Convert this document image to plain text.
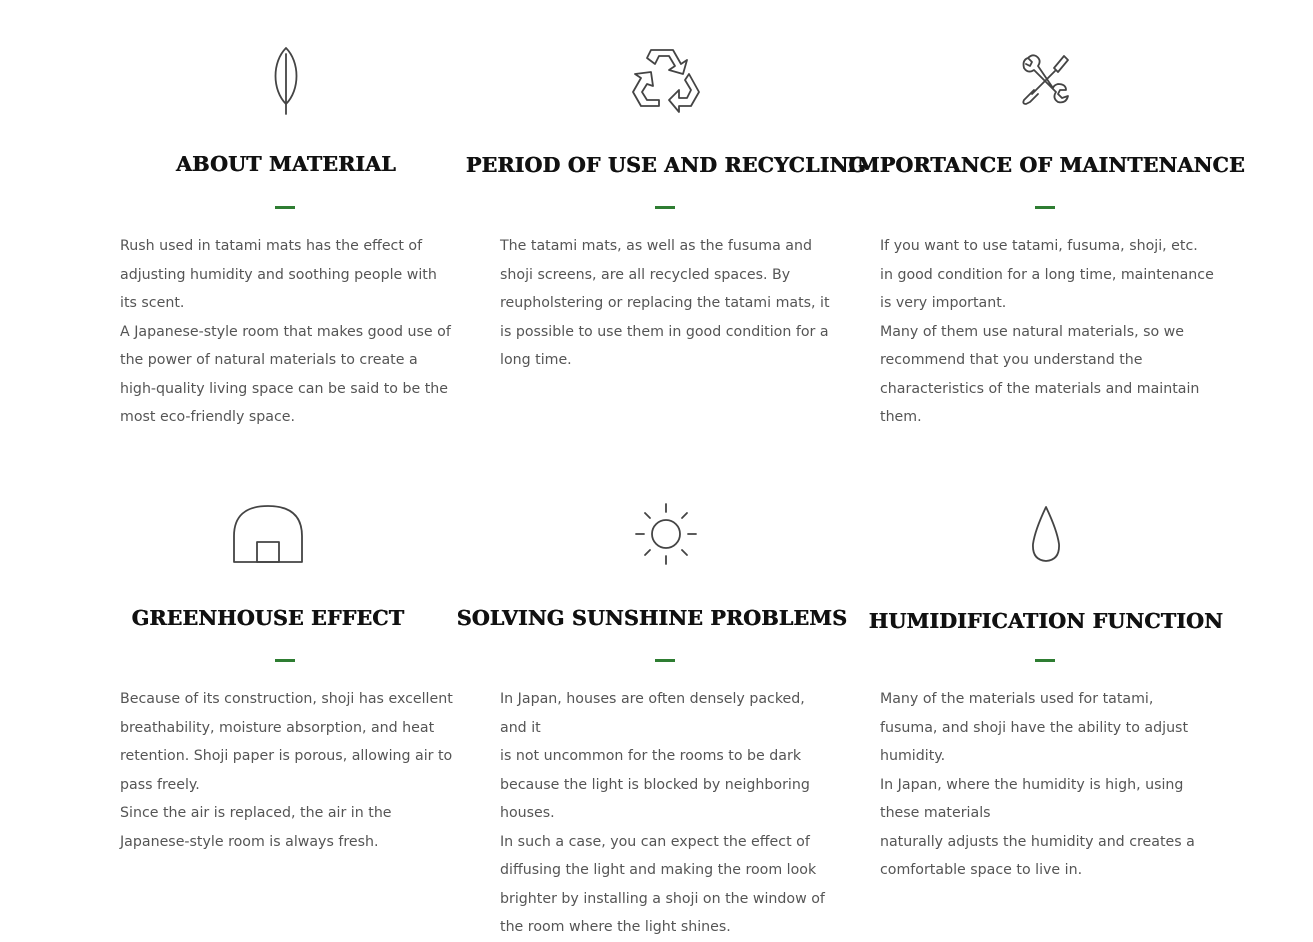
ABOUT MATERIAL

Rush used in tatami mats has the effect of adjusting humidity and soothing people with its scent.

A Japanese-style room that makes good use of the power of natural materials to create a high-quality living space can be said to be the most eco-friendly space.

PERIOD OF USE AND RECYCLING

The tatami mats, as well as the fusuma and shoji screens, are all recycled spaces. By reupholstering or replacing the tatami mats, it is possible to use them in good condition for a long time.

IMPORTANCE OF MAINTENANCE

If you want to use tatami, fusuma, shoji, etc. in good condition for a long time, maintenance is very important.

Many of them use natural materials, so we recommend that you understand the characteristics of the materials and maintain them.

GREENHOUSE EFFECT

Because of its construction, shoji has excellent breathability, moisture absorption, and heat retention. Shoji paper is porous, allowing air to pass freely.

Since the air is replaced, the air in the Japanese-style room is always fresh.

SOLVING SUNSHINE PROBLEMS

In Japan, houses are often densely packed, and it

is not uncommon for the rooms to be dark because the light is blocked by neighboring houses.

In such a case, you can expect the effect of diffusing the light and making the room look brighter by installing a shoji on the window of the room where the light shines.

HUMIDIFICATION FUNCTION

Many of the materials used for tatami, fusuma, and shoji have the ability to adjust humidity.

In Japan, where the humidity is high, using these materials

naturally adjusts the humidity and creates a comfortable space to live in.
